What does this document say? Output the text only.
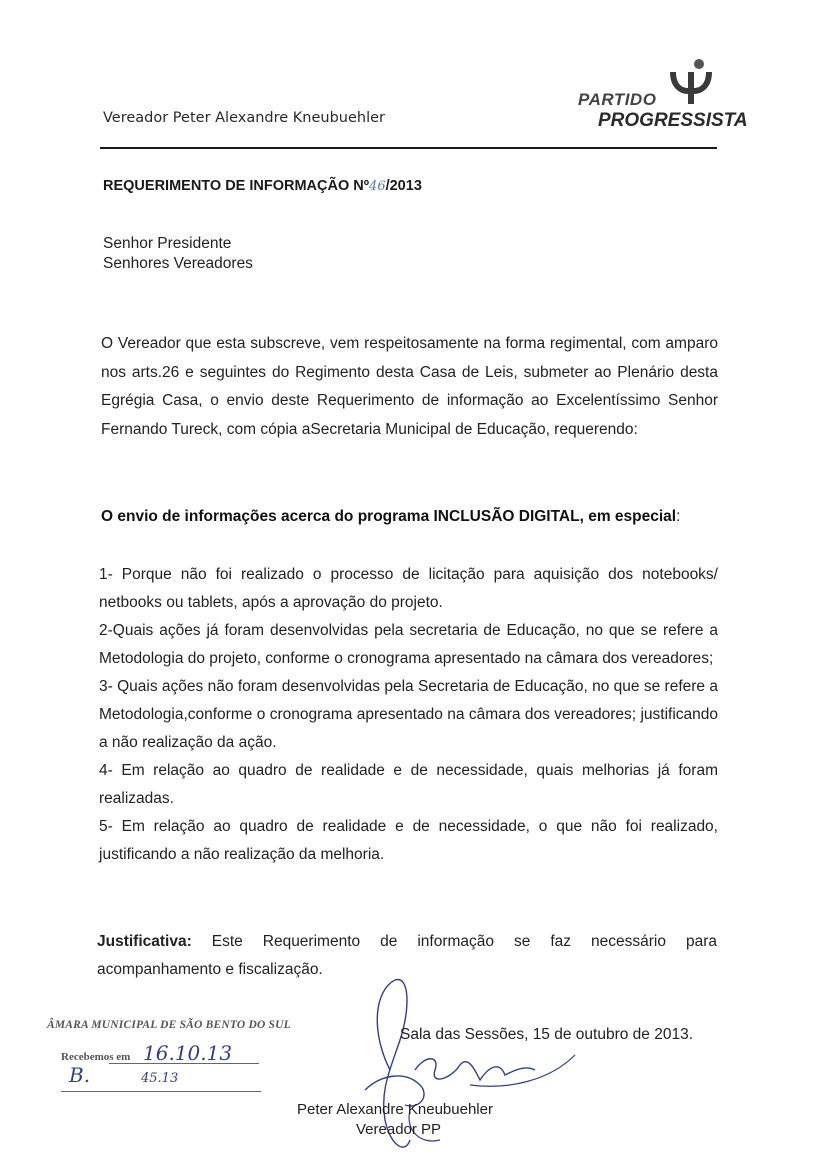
Vereador Peter Alexandre Kneubuehler
PARTIDO
PROGRESSISTA
REQUERIMENTO DE INFORMAÇÃO Nº46/2013
Senhor Presidente
Senhores Vereadores
O Vereador que esta subscreve, vem respeitosamente na forma regimental, com amparo nos arts.26 e seguintes do Regimento desta Casa de Leis, submeter ao Plenário desta Egrégia Casa, o envio deste Requerimento de informação ao Excelentíssimo Senhor Fernando Tureck, com cópia aSecretaria Municipal de Educação, requerendo:
O envio de informações acerca do programa INCLUSÃO DIGITAL, em especial:
1- Porque não foi realizado o processo de licitação para aquisição dos notebooks/ netbooks ou tablets, após a aprovação do projeto.
2-Quais ações já foram desenvolvidas pela secretaria de Educação, no que se refere a Metodologia do projeto, conforme o cronograma apresentado na câmara dos vereadores;
3- Quais ações não foram desenvolvidas pela Secretaria de Educação, no que se refere a Metodologia,conforme o cronograma apresentado na câmara dos vereadores; justificando a não realização da ação.
4- Em relação ao quadro de realidade e de necessidade, quais melhorias já foram realizadas.
5- Em relação ao quadro de realidade e de necessidade, o que não foi realizado, justificando a não realização da melhoria.
Justificativa: Este Requerimento de informação se faz necessário para acompanhamento e fiscalização.
ÂMARA MUNICIPAL DE SÃO BENTO DO SUL
Recebemos em 16.10.13
B.	45.13
Sala das Sessões, 15 de outubro de 2013.
Peter Alexandre Kneubuehler
Vereador PP
